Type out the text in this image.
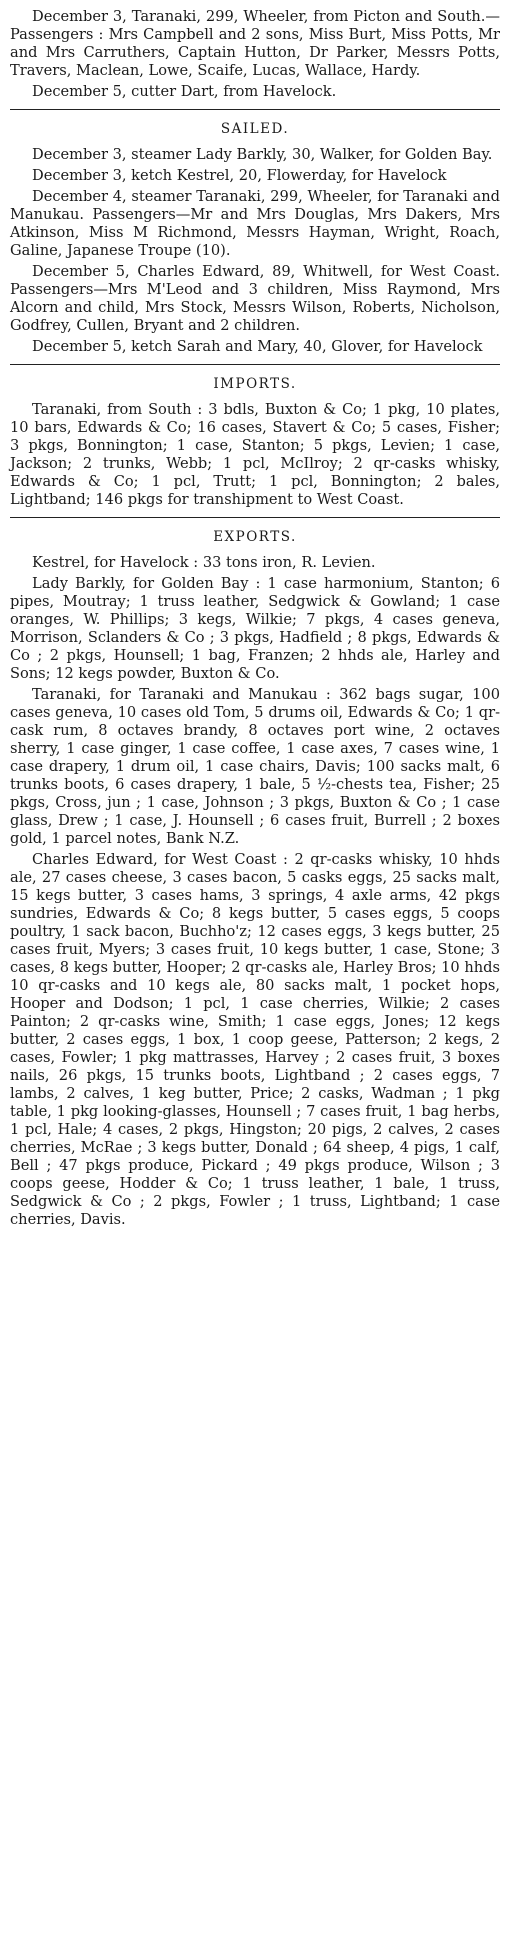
December 3, Taranaki, 299, Wheeler, from Picton and South.—Passengers : Mrs Campbell and 2 sons, Miss Burt, Miss Potts, Mr and Mrs Carruthers, Captain Hutton, Dr Parker, Messrs Potts, Travers, Maclean, Lowe, Scaife, Lucas, Wallace, Hardy.

December 5, cutter Dart, from Havelock.

SAILED.

December 3, steamer Lady Barkly, 30, Walker, for Golden Bay.

December 3, ketch Kestrel, 20, Flowerday, for Havelock

December 4, steamer Taranaki, 299, Wheeler, for Taranaki and Manukau. Passengers—Mr and Mrs Douglas, Mrs Dakers, Mrs Atkinson, Miss M Richmond, Messrs Hayman, Wright, Roach, Galine, Japanese Troupe (10).

December 5, Charles Edward, 89, Whitwell, for West Coast. Passengers—Mrs M'Leod and 3 children, Miss Raymond, Mrs Alcorn and child, Mrs Stock, Messrs Wilson, Roberts, Nicholson, Godfrey, Cullen, Bryant and 2 children.

December 5, ketch Sarah and Mary, 40, Glover, for Havelock

IMPORTS.

Taranaki, from South : 3 bdls, Buxton & Co; 1 pkg, 10 plates, 10 bars, Edwards & Co; 16 cases, Stavert & Co; 5 cases, Fisher; 3 pkgs, Bonnington; 1 case, Stanton; 5 pkgs, Levien; 1 case, Jackson; 2 trunks, Webb; 1 pcl, McIlroy; 2 qr-casks whisky, Edwards & Co; 1 pcl, Trutt; 1 pcl, Bonnington; 2 bales, Lightband; 146 pkgs for transhipment to West Coast.

EXPORTS.

Kestrel, for Havelock : 33 tons iron, R. Levien.

Lady Barkly, for Golden Bay : 1 case harmonium, Stanton; 6 pipes, Moutray; 1 truss leather, Sedgwick & Gowland; 1 case oranges, W. Phillips; 3 kegs, Wilkie; 7 pkgs, 4 cases geneva, Morrison, Sclanders & Co ; 3 pkgs, Hadfield ; 8 pkgs, Edwards & Co ; 2 pkgs, Hounsell; 1 bag, Franzen; 2 hhds ale, Harley and Sons; 12 kegs powder, Buxton & Co.

Taranaki, for Taranaki and Manukau : 362 bags sugar, 100 cases geneva, 10 cases old Tom, 5 drums oil, Edwards & Co; 1 qr-cask rum, 8 octaves brandy, 8 octaves port wine, 2 octaves sherry, 1 case ginger, 1 case coffee, 1 case axes, 7 cases wine, 1 case drapery, 1 drum oil, 1 case chairs, Davis; 100 sacks malt, 6 trunks boots, 6 cases drapery, 1 bale, 5 ½-chests tea, Fisher; 25 pkgs, Cross, jun ; 1 case, Johnson ; 3 pkgs, Buxton & Co ; 1 case glass, Drew ; 1 case, J. Hounsell ; 6 cases fruit, Burrell ; 2 boxes gold, 1 parcel notes, Bank N.Z.

Charles Edward, for West Coast : 2 qr-casks whisky, 10 hhds ale, 27 cases cheese, 3 cases bacon, 5 casks eggs, 25 sacks malt, 15 kegs butter, 3 cases hams, 3 springs, 4 axle arms, 42 pkgs sundries, Edwards & Co; 8 kegs butter, 5 cases eggs, 5 coops poultry, 1 sack bacon, Buchho'z; 12 cases eggs, 3 kegs butter, 25 cases fruit, Myers; 3 cases fruit, 10 kegs butter, 1 case, Stone; 3 cases, 8 kegs butter, Hooper; 2 qr-casks ale, Harley Bros; 10 hhds 10 qr-casks and 10 kegs ale, 80 sacks malt, 1 pocket hops, Hooper and Dodson; 1 pcl, 1 case cherries, Wilkie; 2 cases Painton; 2 qr-casks wine, Smith; 1 case eggs, Jones; 12 kegs butter, 2 cases eggs, 1 box, 1 coop geese, Patterson; 2 kegs, 2 cases, Fowler; 1 pkg mattrasses, Harvey ; 2 cases fruit, 3 boxes nails, 26 pkgs, 15 trunks boots, Lightband ; 2 cases eggs, 7 lambs, 2 calves, 1 keg butter, Price; 2 casks, Wadman ; 1 pkg table, 1 pkg looking-glasses, Hounsell ; 7 cases fruit, 1 bag herbs, 1 pcl, Hale; 4 cases, 2 pkgs, Hingston; 20 pigs, 2 calves, 2 cases cherries, McRae ; 3 kegs butter, Donald ; 64 sheep, 4 pigs, 1 calf, Bell ; 47 pkgs produce, Pickard ; 49 pkgs produce, Wilson ; 3 coops geese, Hodder & Co; 1 truss leather, 1 bale, 1 truss, Sedgwick & Co ; 2 pkgs, Fowler ; 1 truss, Lightband; 1 case cherries, Davis.
